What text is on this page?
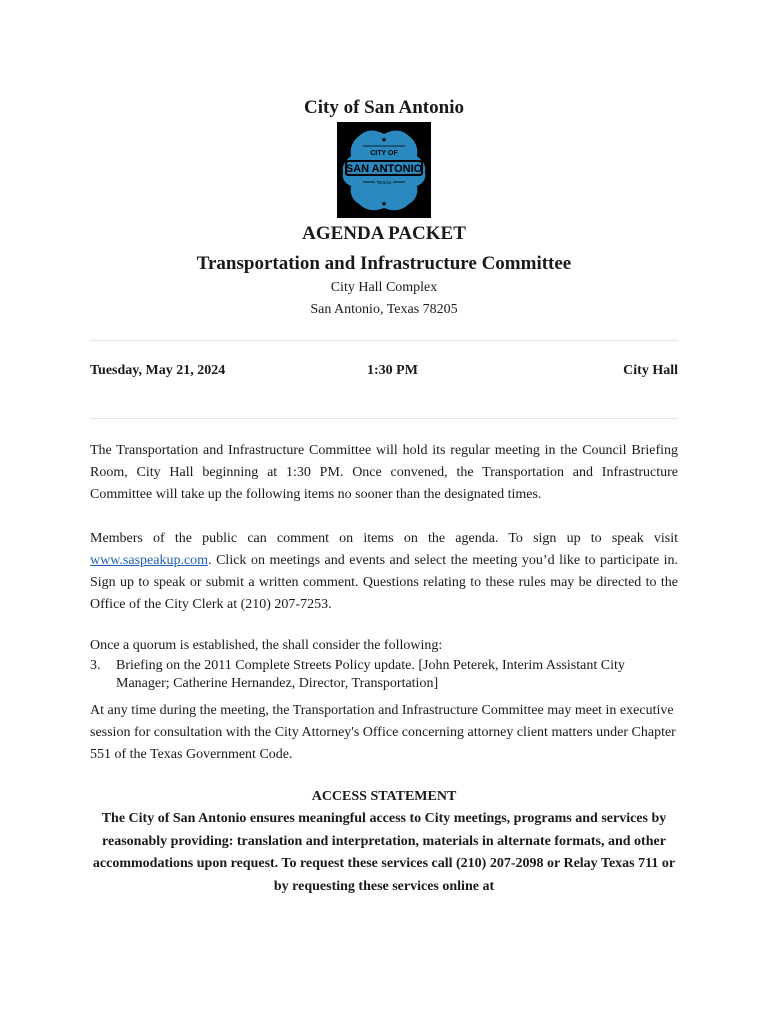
City of San Antonio
★
CITY OF
SAN ANTONIO
TEXAS
★
AGENDA PACKET
Transportation and Infrastructure Committee
City Hall Complex
San Antonio, Texas 78205
Tuesday, May 21, 2024	1:30 PM	City Hall
The Transportation and Infrastructure Committee will hold its regular meeting in the Council Briefing Room, City Hall beginning at 1:30 PM. Once convened, the Transportation and Infrastructure Committee will take up the following items no sooner than the designated times.
Members of the public can comment on items on the agenda. To sign up to speak visit www.saspeakup.com. Click on meetings and events and select the meeting you’d like to participate in. Sign up to speak or submit a written comment. Questions relating to these rules may be directed to the Office of the City Clerk at (210) 207-7253.
Once a quorum is established, the shall consider the following:
3. Briefing on the 2011 Complete Streets Policy update. [John Peterek, Interim Assistant City Manager; Catherine Hernandez, Director, Transportation]
At any time during the meeting, the Transportation and Infrastructure Committee may meet in executive session for consultation with the City Attorney's Office concerning attorney client matters under Chapter 551 of the Texas Government Code.
ACCESS STATEMENT
The City of San Antonio ensures meaningful access to City meetings, programs and services by reasonably providing: translation and interpretation, materials in alternate formats, and other accommodations upon request. To request these services call (210) 207-2098 or Relay Texas 711 or by requesting these services online at
